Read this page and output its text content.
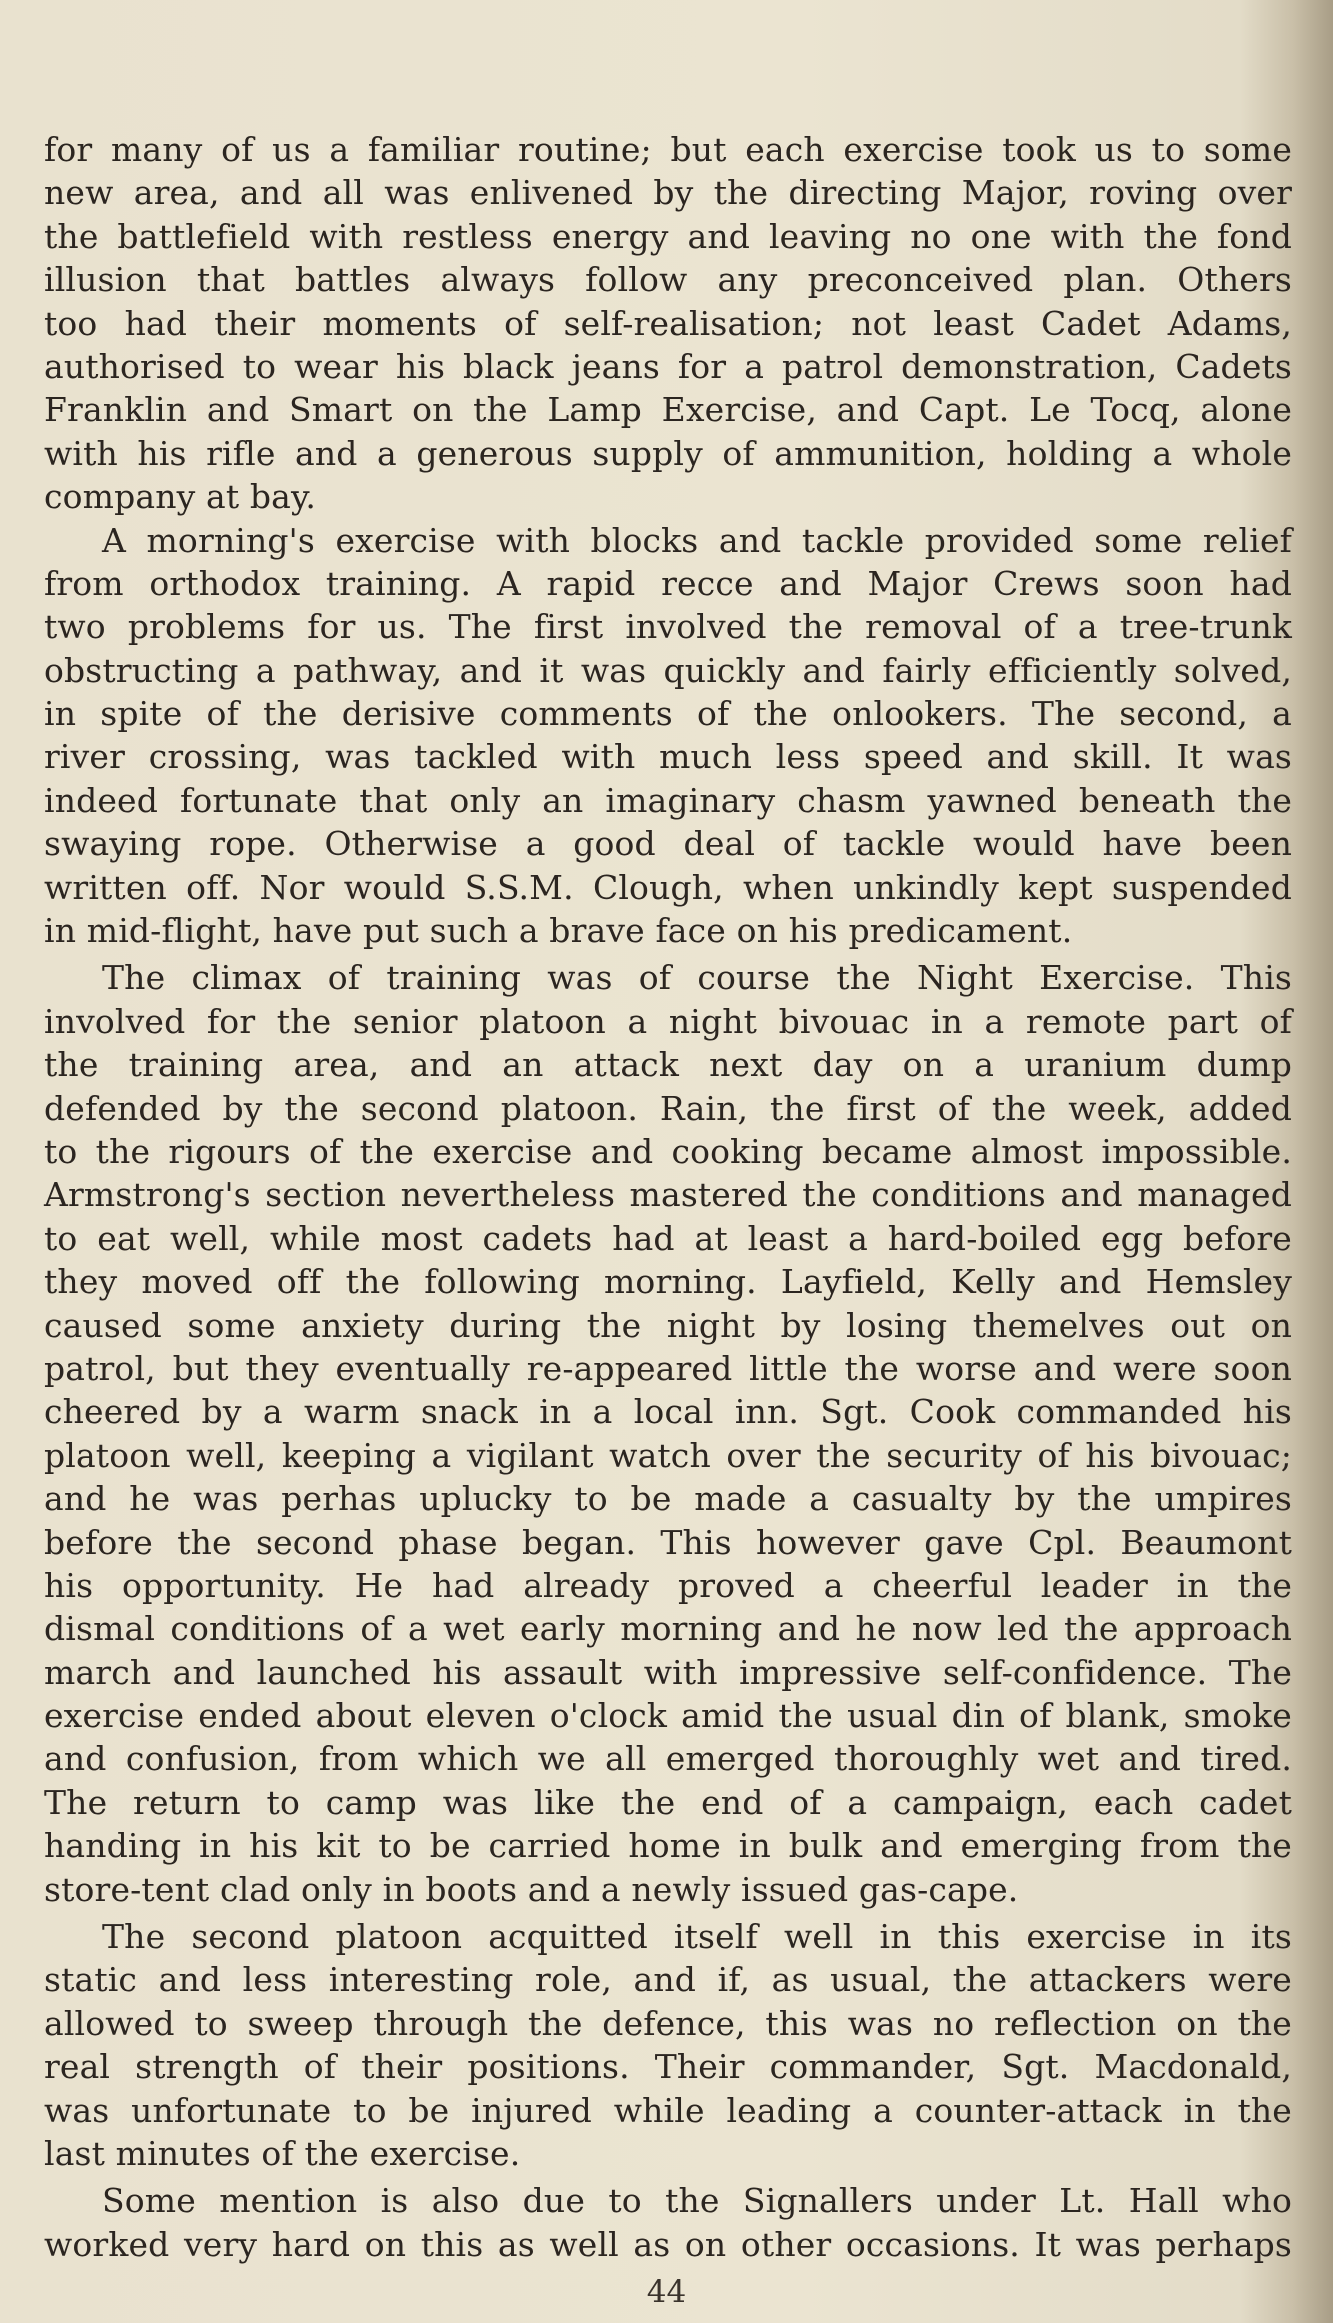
for many of us a familiar routine; but each exercise took us to some
new area, and all was enlivened by the directing Major, roving over
the battlefield with restless energy and leaving no one with the fond
illusion that battles always follow any preconceived plan. Others
too had their moments of self-realisation; not least Cadet Adams,
authorised to wear his black jeans for a patrol demonstration, Cadets
Franklin and Smart on the Lamp Exercise, and Capt. Le Tocq, alone
with his rifle and a generous supply of ammunition, holding a whole
company at bay.
A morning's exercise with blocks and tackle provided some relief
from orthodox training. A rapid recce and Major Crews soon had
two problems for us. The first involved the removal of a tree-trunk
obstructing a pathway, and it was quickly and fairly efficiently solved,
in spite of the derisive comments of the onlookers. The second, a
river crossing, was tackled with much less speed and skill. It was
indeed fortunate that only an imaginary chasm yawned beneath the
swaying rope. Otherwise a good deal of tackle would have been
written off. Nor would S.S.M. Clough, when unkindly kept suspended
in mid-flight, have put such a brave face on his predicament.
The climax of training was of course the Night Exercise. This
involved for the senior platoon a night bivouac in a remote part of
the training area, and an attack next day on a uranium dump
defended by the second platoon. Rain, the first of the week, added
to the rigours of the exercise and cooking became almost impossible.
Armstrong's section nevertheless mastered the conditions and managed
to eat well, while most cadets had at least a hard-boiled egg before
they moved off the following morning. Layfield, Kelly and Hemsley
caused some anxiety during the night by losing themelves out on
patrol, but they eventually re-appeared little the worse and were soon
cheered by a warm snack in a local inn. Sgt. Cook commanded his
platoon well, keeping a vigilant watch over the security of his bivouac;
and he was perhas uplucky to be made a casualty by the umpires
before the second phase began. This however gave Cpl. Beaumont
his opportunity. He had already proved a cheerful leader in the
dismal conditions of a wet early morning and he now led the approach
march and launched his assault with impressive self-confidence. The
exercise ended about eleven o'clock amid the usual din of blank, smoke
and confusion, from which we all emerged thoroughly wet and tired.
The return to camp was like the end of a campaign, each cadet
handing in his kit to be carried home in bulk and emerging from the
store-tent clad only in boots and a newly issued gas-cape.
The second platoon acquitted itself well in this exercise in its
static and less interesting role, and if, as usual, the attackers were
allowed to sweep through the defence, this was no reflection on the
real strength of their positions. Their commander, Sgt. Macdonald,
was unfortunate to be injured while leading a counter-attack in the
last minutes of the exercise.
Some mention is also due to the Signallers under Lt. Hall who
worked very hard on this as well as on other occasions. It was perhaps
44
